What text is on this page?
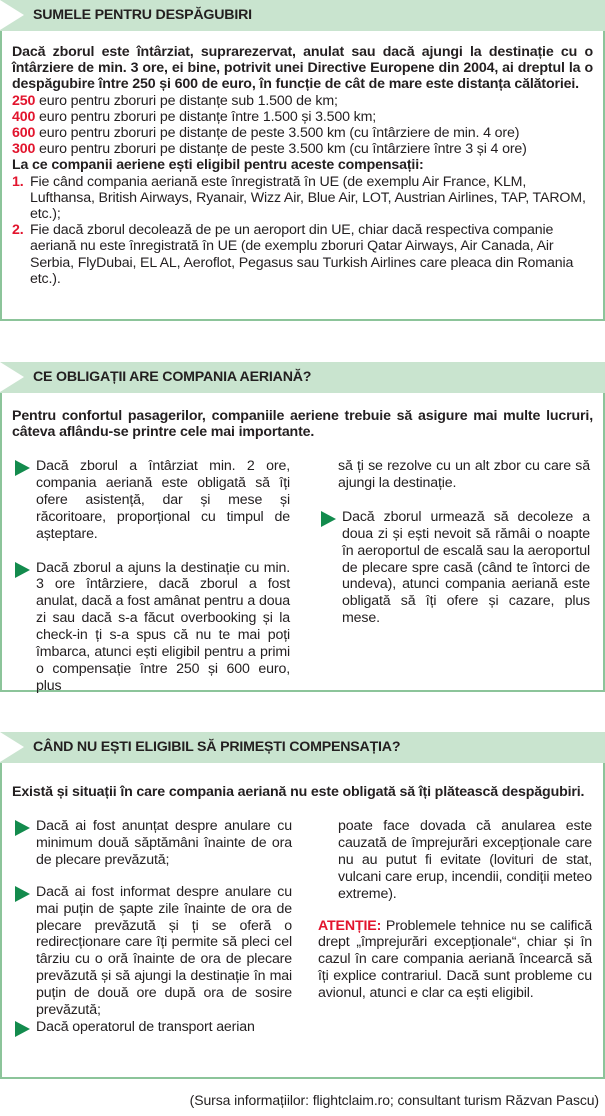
SUMELE PENTRU DESPĂGUBIRI

Dacă zborul este întârziat, suprarezervat, anulat sau dacă ajungi la destinație cu o întârziere de min. 3 ore, ei bine, potrivit unei Directive Europene din 2004, ai dreptul la o despăgubire între 250 și 600 de euro, în funcție de cât de mare este distanța călătoriei.

250 euro pentru zboruri pe distanțe sub 1.500 de km;

400 euro pentru zboruri pe distanțe între 1.500 și 3.500 km;

600 euro pentru zboruri pe distanțe de peste 3.500 km (cu întârziere de min. 4 ore)

300 euro pentru zboruri pe distanțe de peste 3.500 km (cu întârziere între 3 și 4 ore)

La ce companii aeriene ești eligibil pentru aceste compensații:

1. Fie când compania aeriană este înregistrată în UE (de exemplu Air France, KLM, Lufthansa, British Airways, Ryanair, Wizz Air, Blue Air, LOT, Austrian Airlines, TAP, TAROM, etc.);
2. Fie dacă zborul decolează de pe un aeroport din UE, chiar dacă respectiva companie aeriană nu este înregistrată în UE (de exemplu zboruri Qatar Airways, Air Canada, Air Serbia, FlyDubai, EL AL, Aeroflot, Pegasus sau Turkish Airlines care pleaca din Romania etc.).
CE OBLIGAȚII ARE COMPANIA AERIANĂ?
Pentru confortul pasagerilor, companiile aeriene trebuie să asigure mai multe lucruri, câteva aflându-se printre cele mai importante.
Dacă zborul a întârziat min. 2 ore, compania aeriană este obligată să îți ofere asistență, dar și mese și răcoritoare, proporțional cu timpul de așteptare.
Dacă zborul a ajuns la destinație cu min. 3 ore întârziere, dacă zborul a fost anulat, dacă a fost amânat pentru a doua zi sau dacă s-a făcut overbooking și la check-in ți s-a spus că nu te mai poți îmbarca, atunci ești eligibil pentru a primi o compensație între 250 și 600 euro, plus
să ți se rezolve cu un alt zbor cu care să ajungi la destinație.
Dacă zborul urmează să decoleze a doua zi și ești nevoit să rămâi o noapte în aeroportul de escală sau la aeroportul de plecare spre casă (când te întorci de undeva), atunci compania aeriană este obligată să îți ofere și cazare, plus mese.
CÂND NU EȘTI ELIGIBIL SĂ PRIMEȘTI COMPENSAȚIA?
Există și situații în care compania aeriană nu este obligată să îți plătească despăgubiri.
Dacă ai fost anunțat despre anulare cu minimum două săptămâni înainte de ora de plecare prevăzută;
Dacă ai fost informat despre anulare cu mai puțin de șapte zile înainte de ora de plecare prevăzută și ți se oferă o redirecționare care îți permite să pleci cel târziu cu o oră înainte de ora de plecare prevăzută și să ajungi la destinație în mai puțin de două ore după ora de sosire prevăzută;
Dacă operatorul de transport aerian
poate face dovada că anularea este cauzată de împrejurări excepționale care nu au putut fi evitate (lovituri de stat, vulcani care erup, incendii, condiții meteo extreme).
ATENȚIE: Problemele tehnice nu se califică drept „împrejurări excepționale“, chiar și în cazul în care compania aeriană încearcă să îți explice contrariul. Dacă sunt probleme cu avionul, atunci e clar ca ești eligibil.
(Sursa informațiilor: flightclaim.ro; consultant turism Răzvan Pascu)
